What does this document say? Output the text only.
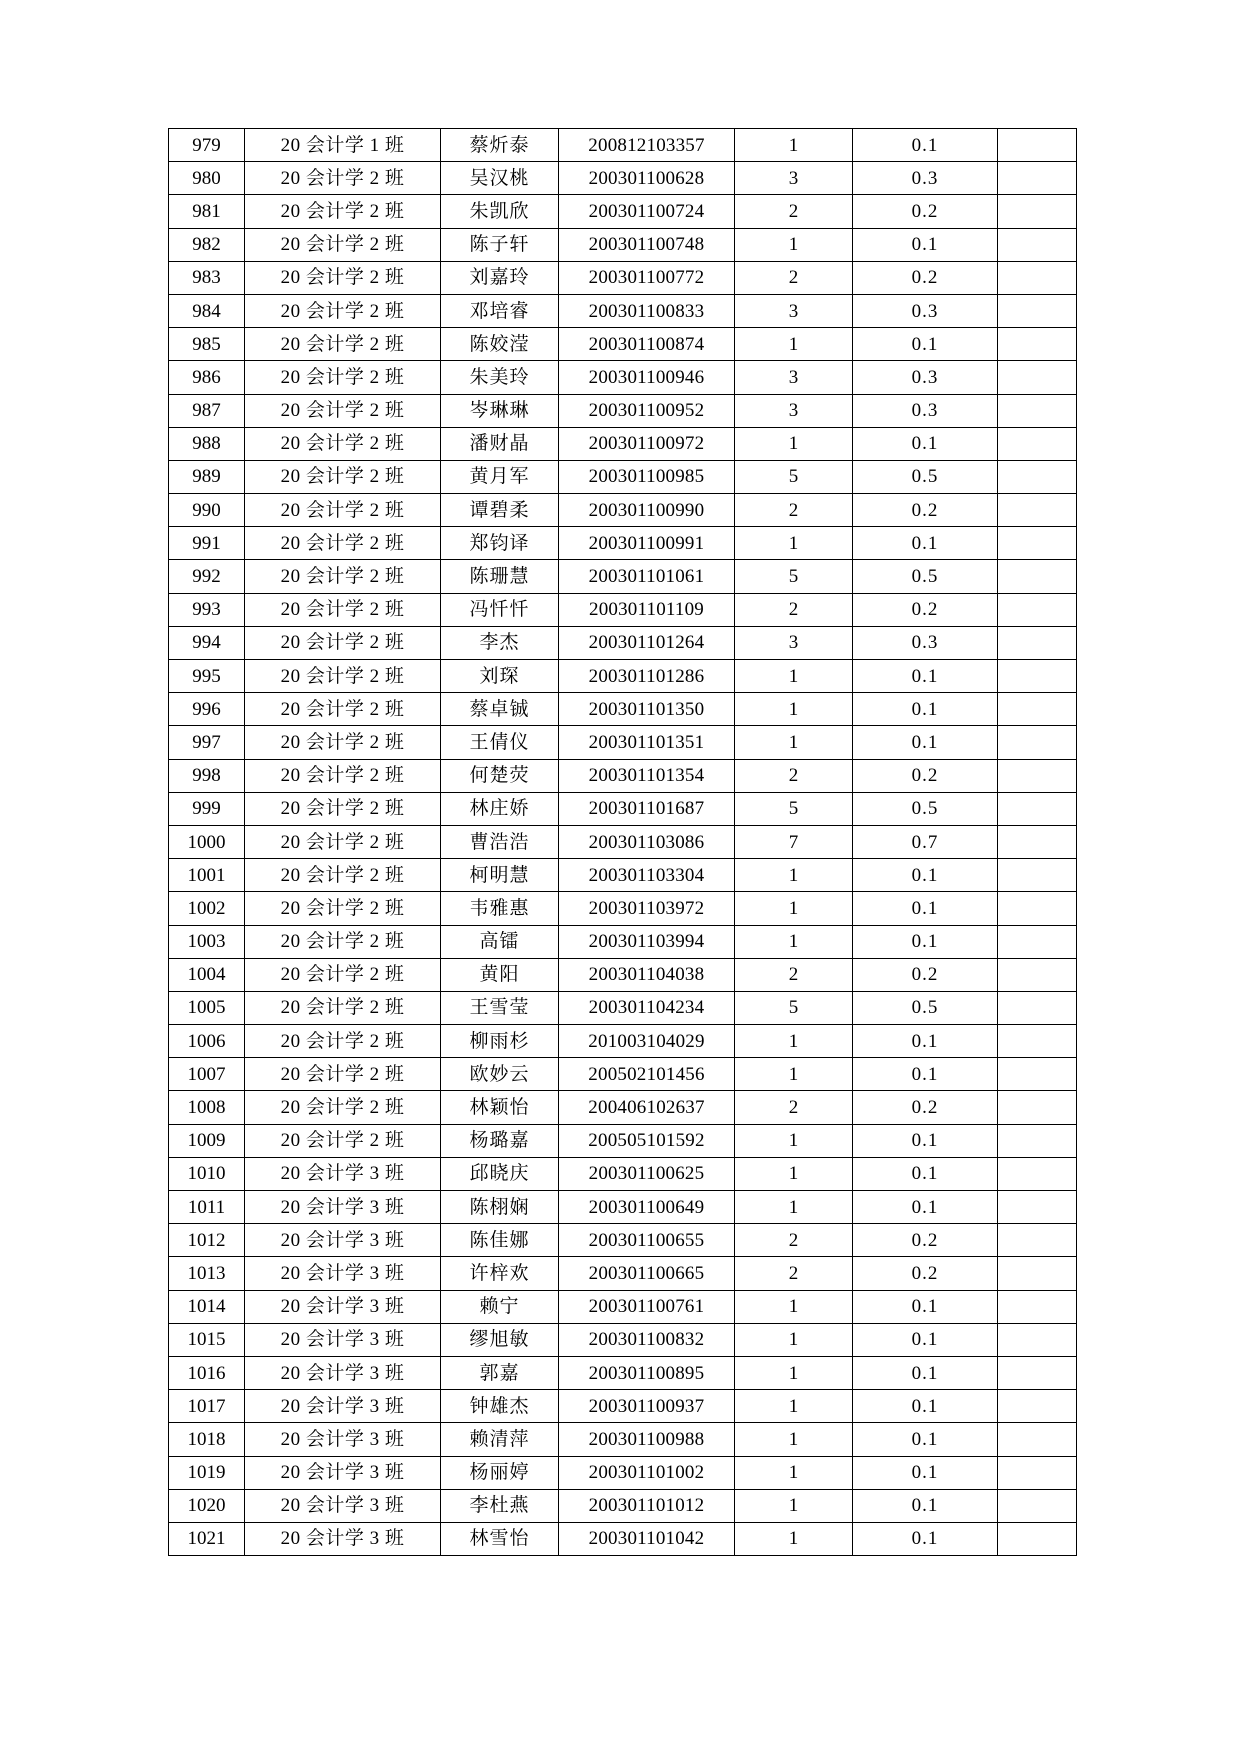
979	20 会计学 1 班	蔡炘泰	200812103357	1	0.1	
980	20 会计学 2 班	吴汉桃	200301100628	3	0.3	
981	20 会计学 2 班	朱凯欣	200301100724	2	0.2	
982	20 会计学 2 班	陈子轩	200301100748	1	0.1	
983	20 会计学 2 班	刘嘉玲	200301100772	2	0.2	
984	20 会计学 2 班	邓培睿	200301100833	3	0.3	
985	20 会计学 2 班	陈姣滢	200301100874	1	0.1	
986	20 会计学 2 班	朱美玲	200301100946	3	0.3	
987	20 会计学 2 班	岑琳琳	200301100952	3	0.3	
988	20 会计学 2 班	潘财晶	200301100972	1	0.1	
989	20 会计学 2 班	黄月军	200301100985	5	0.5	
990	20 会计学 2 班	谭碧柔	200301100990	2	0.2	
991	20 会计学 2 班	郑钧译	200301100991	1	0.1	
992	20 会计学 2 班	陈珊慧	200301101061	5	0.5	
993	20 会计学 2 班	冯忏忏	200301101109	2	0.2	
994	20 会计学 2 班	李杰	200301101264	3	0.3	
995	20 会计学 2 班	刘琛	200301101286	1	0.1	
996	20 会计学 2 班	蔡卓铖	200301101350	1	0.1	
997	20 会计学 2 班	王倩仪	200301101351	1	0.1	
998	20 会计学 2 班	何楚荧	200301101354	2	0.2	
999	20 会计学 2 班	林庄娇	200301101687	5	0.5	
1000	20 会计学 2 班	曹浩浩	200301103086	7	0.7	
1001	20 会计学 2 班	柯明慧	200301103304	1	0.1	
1002	20 会计学 2 班	韦雅惠	200301103972	1	0.1	
1003	20 会计学 2 班	高镭	200301103994	1	0.1	
1004	20 会计学 2 班	黄阳	200301104038	2	0.2	
1005	20 会计学 2 班	王雪莹	200301104234	5	0.5	
1006	20 会计学 2 班	柳雨杉	201003104029	1	0.1	
1007	20 会计学 2 班	欧妙云	200502101456	1	0.1	
1008	20 会计学 2 班	林颖怡	200406102637	2	0.2	
1009	20 会计学 2 班	杨璐嘉	200505101592	1	0.1	
1010	20 会计学 3 班	邱晓庆	200301100625	1	0.1	
1011	20 会计学 3 班	陈栩娴	200301100649	1	0.1	
1012	20 会计学 3 班	陈佳娜	200301100655	2	0.2	
1013	20 会计学 3 班	许梓欢	200301100665	2	0.2	
1014	20 会计学 3 班	赖宁	200301100761	1	0.1	
1015	20 会计学 3 班	缪旭敏	200301100832	1	0.1	
1016	20 会计学 3 班	郭嘉	200301100895	1	0.1	
1017	20 会计学 3 班	钟雄杰	200301100937	1	0.1	
1018	20 会计学 3 班	赖清萍	200301100988	1	0.1	
1019	20 会计学 3 班	杨丽婷	200301101002	1	0.1	
1020	20 会计学 3 班	李杜燕	200301101012	1	0.1	
1021	20 会计学 3 班	林雪怡	200301101042	1	0.1	
